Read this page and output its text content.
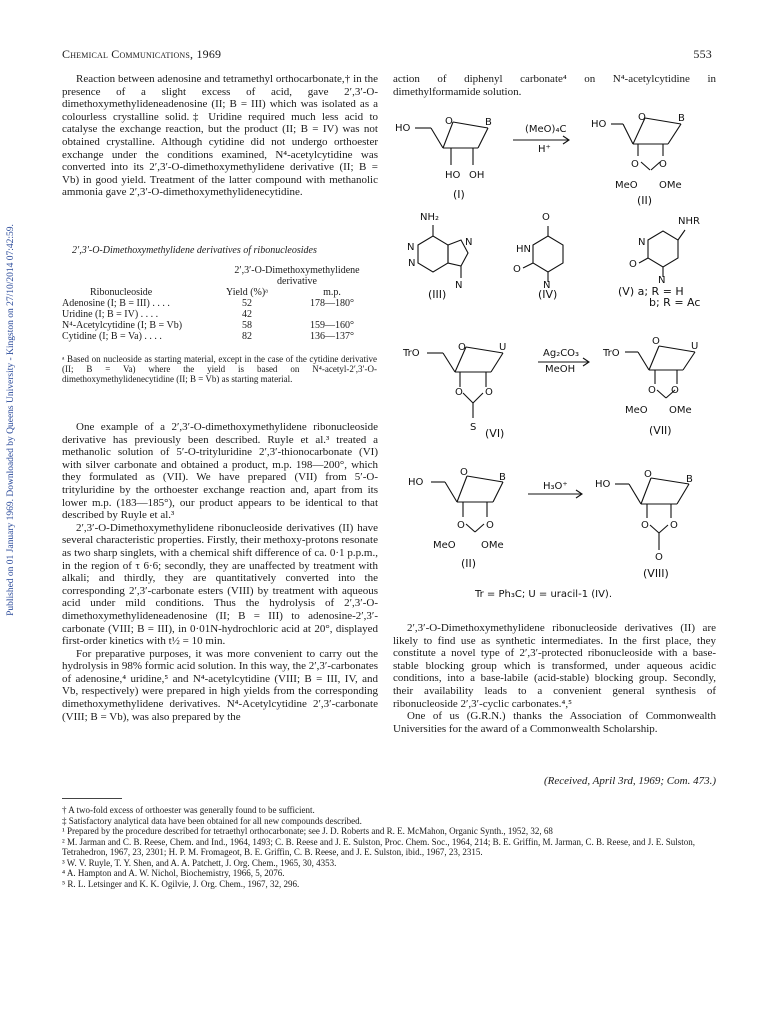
Chemical Communications, 1969	553
Published on 01 January 1969. Downloaded by Queens University - Kingston on 27/10/2014 07:42:59.

Reaction between adenosine and tetramethyl orthocarbonate,† in the presence of a slight excess of acid, gave 2′,3′-O-dimethoxymethylideneadenosine (II; B = III) which was isolated as a colourless crystalline solid.‡ Uridine required much less acid to catalyse the exchange reaction, but the product (II; B = IV) was not obtained crystalline. Although cytidine did not undergo orthoester exchange under the conditions examined, N⁴-acetylcytidine was converted into its 2′,3′-O-dimethoxymethylidene derivative (II; B = Vb) in good yield. Treatment of the latter compound with methanolic ammonia gave 2′,3′-O-dimethoxymethylidenecytidine.

2′,3′-O-Dimethoxymethylidene derivatives of ribonucleosides
	2′,3′-O-Dimethoxymethylidene	
	derivative	
Ribonucleoside	Yield (%)ᵃ	m.p.
Adenosine (I; B = III) . . . .	52	178—180°
Uridine (I; B = IV) . . . .	42	
N⁴-Acetylcytidine (I; B = Vb)	58	159—160°
Cytidine (I; B = Va) . . . .	82	136—137°
ᵃ Based on nucleoside as starting material, except in the case of the cytidine derivative (II; B = Va) where the yield is based on N⁴-acetyl-2′,3′-O-dimethoxymethylidenecytidine (II; B = Vb) as starting material.

One example of a 2′,3′-O-dimethoxymethylidene ribonucleoside derivative has previously been described. Ruyle et al.³ treated a methanolic solution of 5′-O-trityluridine 2′,3′-thionocarbonate (VI) with silver carbonate and obtained a product, m.p. 198—200°, which they formulated as (VII). We have prepared (VII) from 5′-O-trityluridine by the orthoester exchange reaction and, apart from its lower m.p. (183—185°), our product appears to be identical to that described by Ruyle et al.³

2′,3′-O-Dimethoxymethylidene ribonucleoside derivatives (II) have several characteristic properties. Firstly, their methoxy-protons resonate as two sharp singlets, with a chemical shift difference of ca. 0·1 p.p.m., in the region of τ 6·6; secondly, they are unaffected by treatment with alkali; and thirdly, they are quantitatively converted into the corresponding 2′,3′-carbonate esters (VIII) by treatment with aqueous acid under mild conditions. Thus the hydrolysis of 2′,3′-O-dimethoxymethylideneadenosine (II; B = III) to adenosine-2′,3′-carbonate (VIII; B = III), in 0·01N-hydrochloric acid at 20°, displayed first-order kinetics with t½ = 10 min.

For preparative purposes, it was more convenient to carry out the hydrolysis in 98% formic acid solution. In this way, the 2′,3′-carbonates of adenosine,⁴ uridine,⁵ and N⁴-acetylcytidine (VIII; B = III, IV, and Vb, respectively) were prepared in high yields from the corresponding dimethoxymethylidene derivatives. N⁴-Acetylcytidine 2′,3′-carbonate (VIII; B = Vb), was also prepared by the

action of diphenyl carbonate⁴ on N⁴-acetylcytidine in dimethylformamide solution.

HO
O	B
HO OH
(MeO)₄C
H⁺
HO
O	B
O O
MeO OMe
NH₂	O	NHR
N	N
HN
O	O
N
N
N	N	N
TrO
O	U
O O
S
Ag₂CO₃
MeOH
TrO
O	U
O O
MeO OMe
HO
O	B
O O
MeO	OMe
H₃O⁺	HO
O	B
O O
O
(I)	(II)
(III)	(IV)	(V) a; R = H
b; R = Ac
(VI)	(VII)
(II)
(VIII)
Tr = Ph₃C; U = uracil-1 (IV).

2′,3′-O-Dimethoxymethylidene ribonucleoside derivatives (II) are likely to find use as synthetic intermediates. In the first place, they constitute a novel type of 2′,3′-protected ribonucleoside with a base-stable blocking group which is transformed, under aqueous acidic conditions, into a base-labile (acid-stable) blocking group. Secondly, their availability leads to a convenient general synthesis of ribonucleoside 2′,3′-cyclic carbonates.⁴,⁵

One of us (G.R.N.) thanks the Association of Commonwealth Universities for the award of a Commonwealth Scholarship.

(Received, April 3rd, 1969; Com. 473.)
† A two-fold excess of orthoester was generally found to be sufficient.
‡ Satisfactory analytical data have been obtained for all new compounds described.
¹ Prepared by the procedure described for tetraethyl orthocarbonate; see J. D. Roberts and R. E. McMahon, Organic Synth., 1952, 32, 68
² M. Jarman and C. B. Reese, Chem. and Ind., 1964, 1493; C. B. Reese and J. E. Sulston, Proc. Chem. Soc., 1964, 214; B. E. Griffin, M. Jarman, C. B. Reese, and J. E. Sulston, Tetrahedron, 1967, 23, 2301; H. P. M. Fromageot, B. E. Griffin, C. B. Reese, and J. E. Sulston, ibid., 1967, 23, 2315.
³ W. V. Ruyle, T. Y. Shen, and A. A. Patchett, J. Org. Chem., 1965, 30, 4353.
⁴ A. Hampton and A. W. Nichol, Biochemistry, 1966, 5, 2076.
⁵ R. L. Letsinger and K. K. Ogilvie, J. Org. Chem., 1967, 32, 296.
